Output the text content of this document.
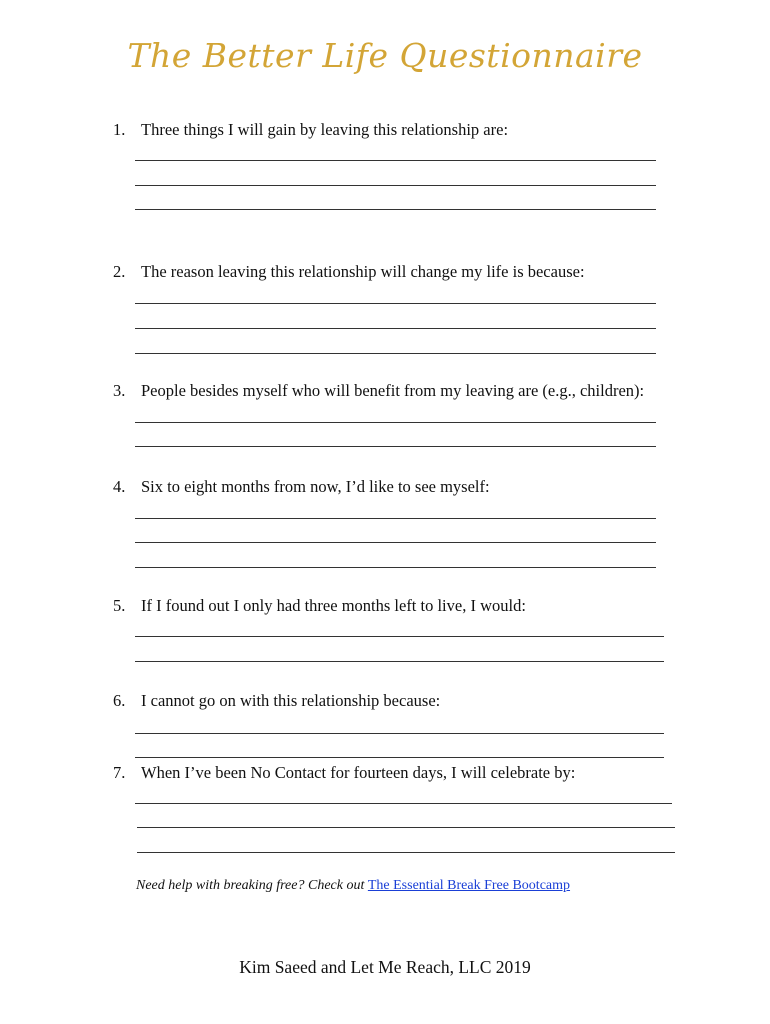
The Better Life Questionnaire
1. Three things I will gain by leaving this relationship are:
2. The reason leaving this relationship will change my life is because:
3. People besides myself who will benefit from my leaving are (e.g., children):
4. Six to eight months from now, I’d like to see myself:
5. If I found out I only had three months left to live, I would:
6. I cannot go on with this relationship because:
7. When I’ve been No Contact for fourteen days, I will celebrate by:
Need help with breaking free? Check out The Essential Break Free Bootcamp
Kim Saeed and Let Me Reach, LLC 2019
